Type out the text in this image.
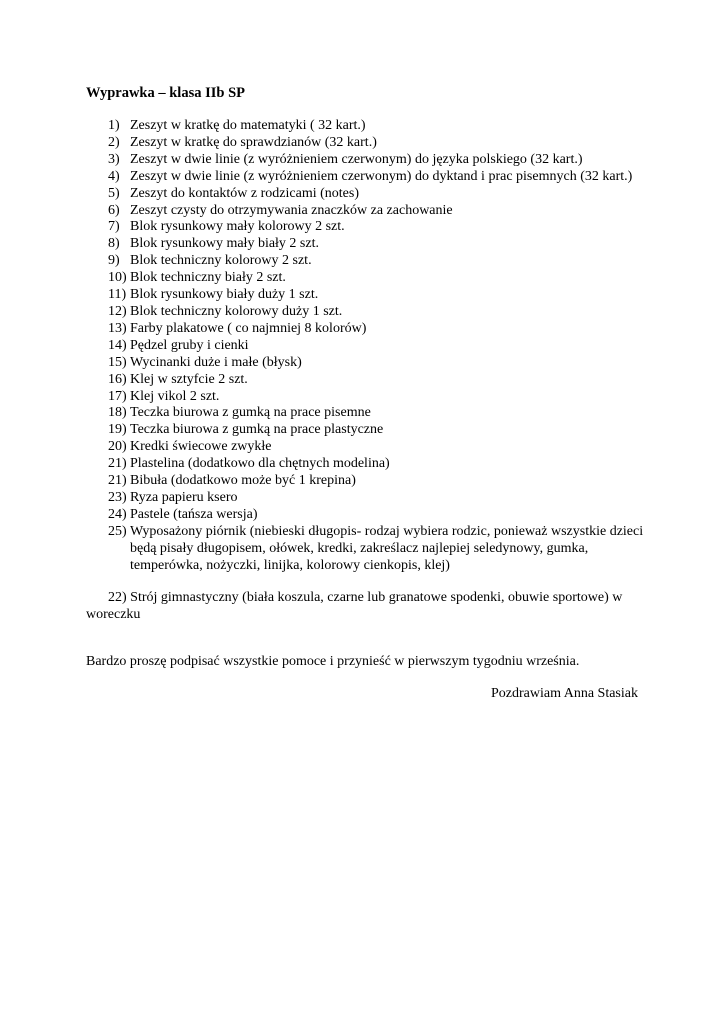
Wyprawka – klasa IIb SP

1) Zeszyt w kratkę do matematyki ( 32 kart.)
2) Zeszyt w kratkę do sprawdzianów (32 kart.)
3) Zeszyt w dwie linie (z wyróżnieniem czerwonym) do języka polskiego (32 kart.)
4) Zeszyt w dwie linie (z wyróżnieniem czerwonym) do dyktand i prac pisemnych (32 kart.)
5) Zeszyt do kontaktów z rodzicami (notes)
6) Zeszyt czysty do otrzymywania znaczków za zachowanie
7) Blok rysunkowy mały kolorowy 2 szt.
8) Blok rysunkowy mały biały 2 szt.
9) Blok techniczny kolorowy 2 szt.
10) Blok techniczny biały 2 szt.
11) Blok rysunkowy biały duży 1 szt.
12) Blok techniczny kolorowy duży 1 szt.
13) Farby plakatowe ( co najmniej 8 kolorów)
14) Pędzel gruby i cienki
15) Wycinanki duże i małe (błysk)
16) Klej w sztyfcie 2 szt.
17) Klej vikol 2 szt.
18) Teczka biurowa z gumką na prace pisemne
19) Teczka biurowa z gumką na prace plastyczne
20) Kredki świecowe zwykłe
21) Plastelina (dodatkowo dla chętnych modelina)
21) Bibuła (dodatkowo może być 1 krepina)
23) Ryza papieru ksero
24) Pastele (tańsza wersja)
25) Wyposażony piórnik (niebieski długopis- rodzaj wybiera rodzic, ponieważ wszystkie dzieci będą pisały długopisem, ołówek, kredki, zakreślacz najlepiej seledynowy, gumka, temperówka, nożyczki, linijka, kolorowy cienkopis, klej)

22) Strój gimnastyczny (biała koszula, czarne lub granatowe spodenki, obuwie sportowe) w woreczku

Bardzo proszę podpisać wszystkie pomoce i przynieść w pierwszym tygodniu września.

Pozdrawiam Anna Stasiak
